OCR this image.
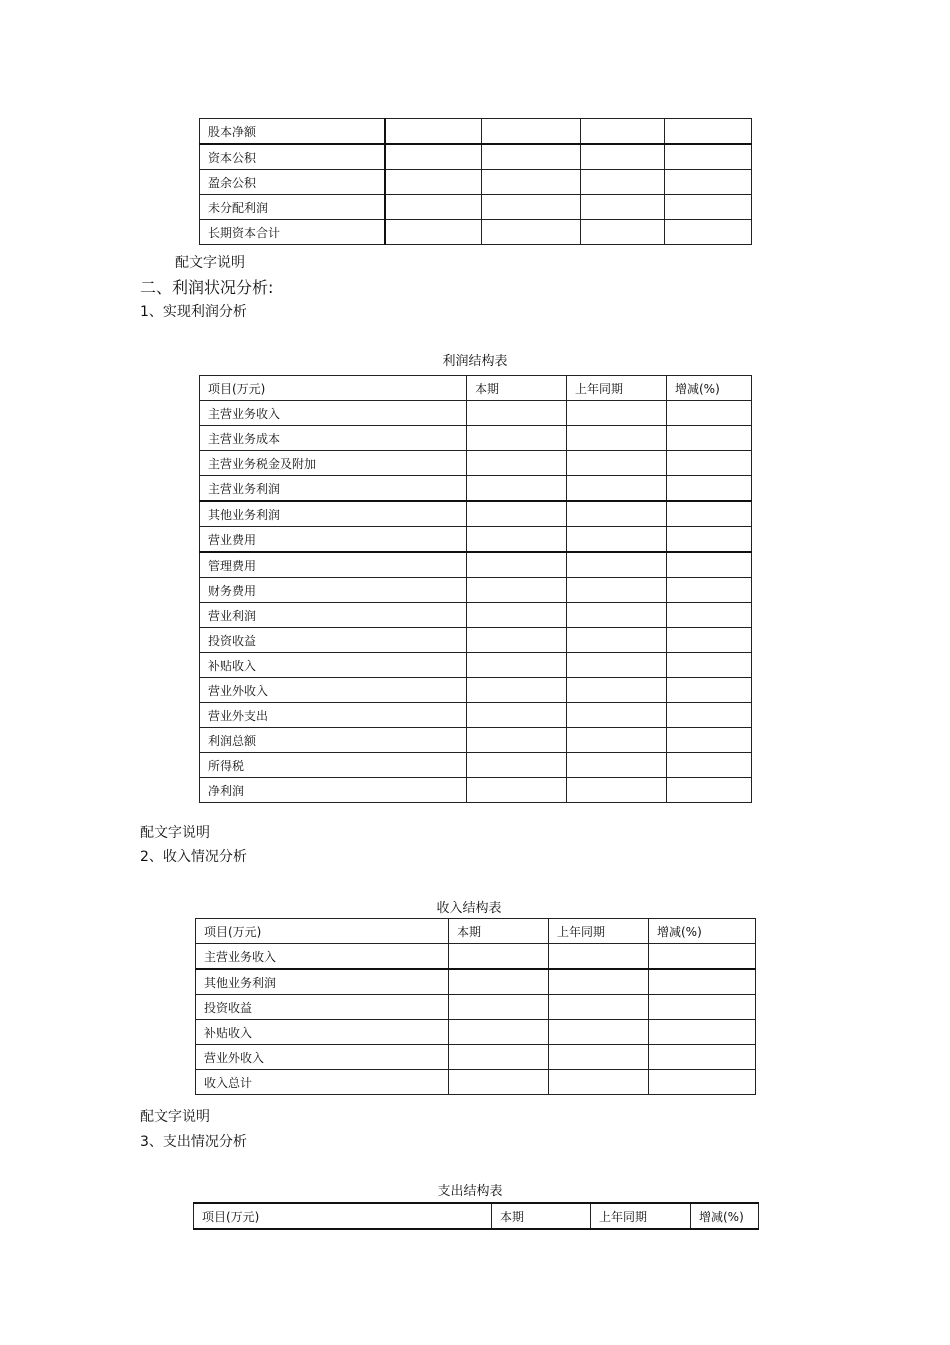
股本净额				
资本公积				
盈余公积				
未分配利润				
长期资本合计				
配文字说明
二、利润状况分析:
1、实现利润分析
利润结构表
项目(万元)	本期	上年同期	增减(%)
主营业务收入			
主营业务成本			
主营业务税金及附加			
主营业务利润			
其他业务利润			
营业费用			
管理费用			
财务费用			
营业利润			
投资收益			
补贴收入			
营业外收入			
营业外支出			
利润总额			
所得税			
净利润			
配文字说明
2、收入情况分析
收入结构表
项目(万元)	本期	上年同期	增减(%)
主营业务收入			
其他业务利润			
投资收益			
补贴收入			
营业外收入			
收入总计			
配文字说明
3、支出情况分析
支出结构表
项目(万元)	本期	上年同期	增减(%)
